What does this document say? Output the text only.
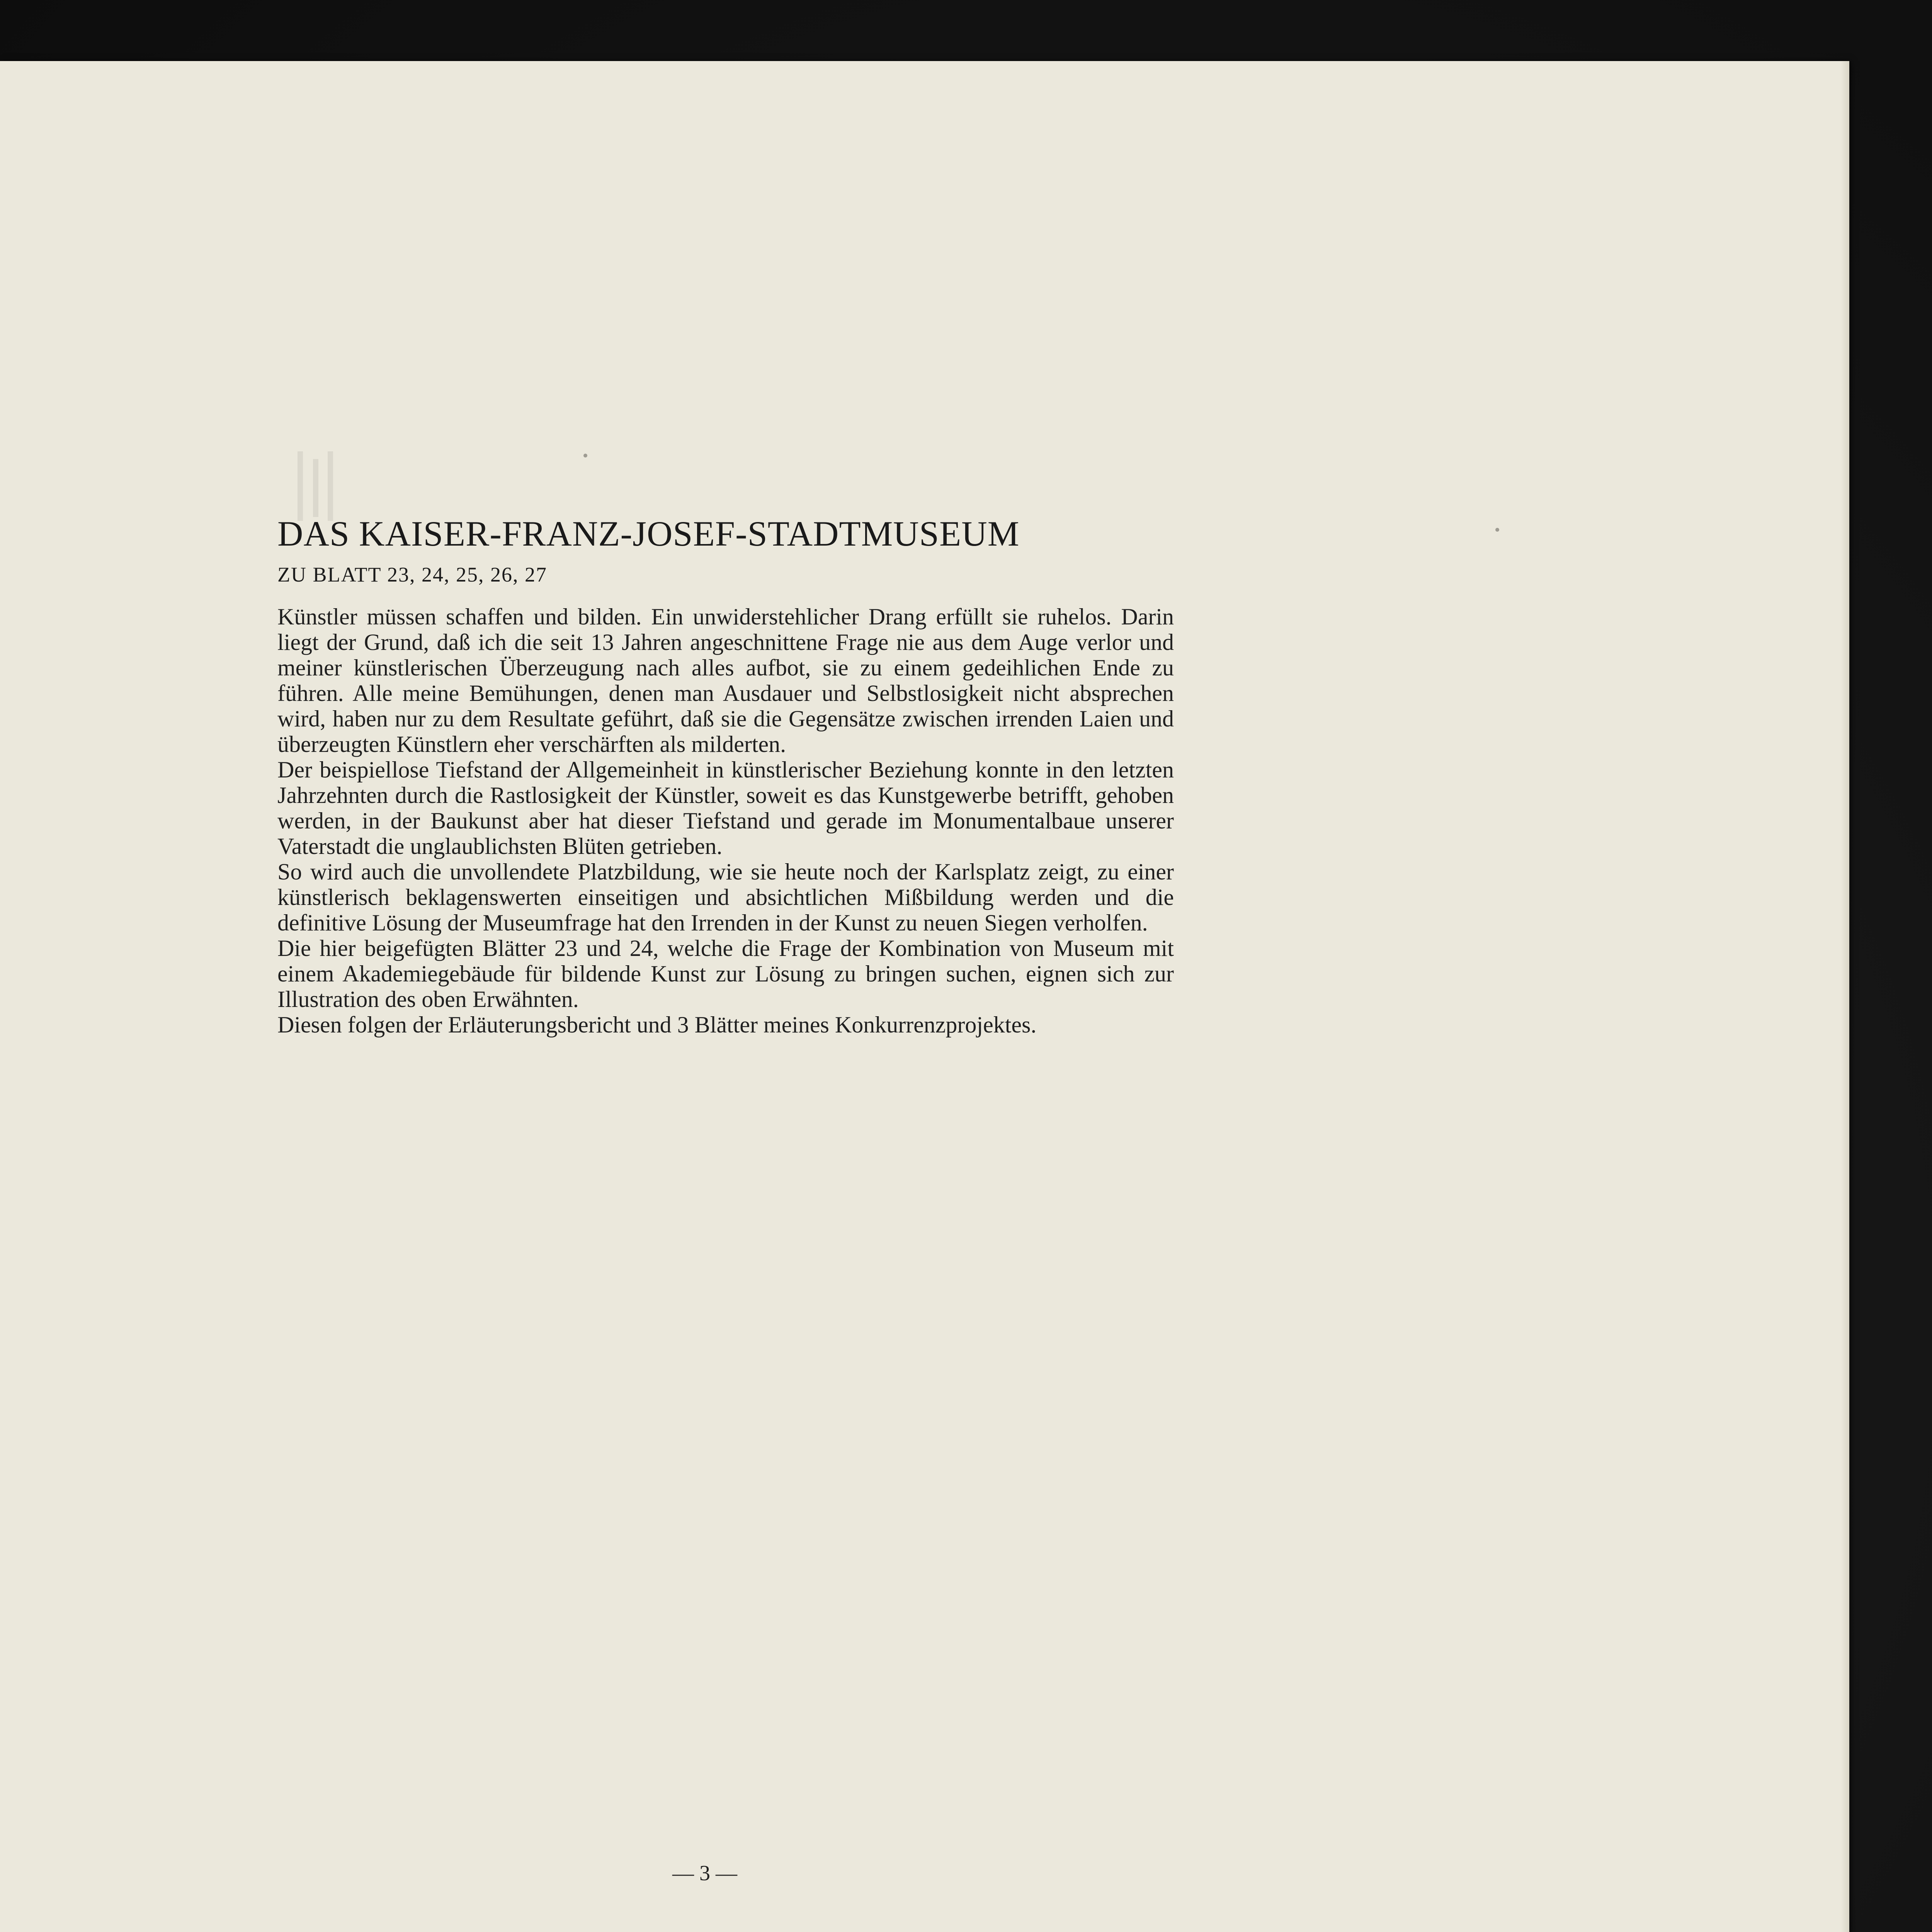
DAS KAISER-FRANZ-JOSEF-STADTMUSEUM
ZU BLATT 23, 24, 25, 26, 27

Künstler müssen schaffen und bilden. Ein unwiderstehlicher Drang erfüllt sie ruhelos. Darin liegt der Grund, daß ich die seit 13 Jahren angeschnittene Frage nie aus dem Auge verlor und meiner künstlerischen Überzeugung nach alles aufbot, sie zu einem gedeihlichen Ende zu führen. Alle meine Bemühungen, denen man Ausdauer und Selbstlosigkeit nicht absprechen wird, haben nur zu dem Resultate geführt, daß sie die Gegensätze zwischen irrenden Laien und überzeugten Künstlern eher verschärften als milderten.

Der beispiellose Tiefstand der Allgemeinheit in künstlerischer Beziehung konnte in den letzten Jahrzehnten durch die Rastlosigkeit der Künstler, soweit es das Kunstgewerbe betrifft, gehoben werden, in der Baukunst aber hat dieser Tiefstand und gerade im Monumentalbaue unserer Vaterstadt die unglaublichsten Blüten getrieben.

So wird auch die unvollendete Platzbildung, wie sie heute noch der Karlsplatz zeigt, zu einer künstlerisch beklagenswerten einseitigen und absichtlichen Mißbildung werden und die definitive Lösung der Museumfrage hat den Irrenden in der Kunst zu neuen Siegen verholfen.

Die hier beigefügten Blätter 23 und 24, welche die Frage der Kombination von Museum mit einem Akademiegebäude für bildende Kunst zur Lösung zu bringen suchen, eignen sich zur Illustration des oben Erwähnten.

Diesen folgen der Erläuterungsbericht und 3 Blätter meines Konkurrenzprojektes.

— 3 —
